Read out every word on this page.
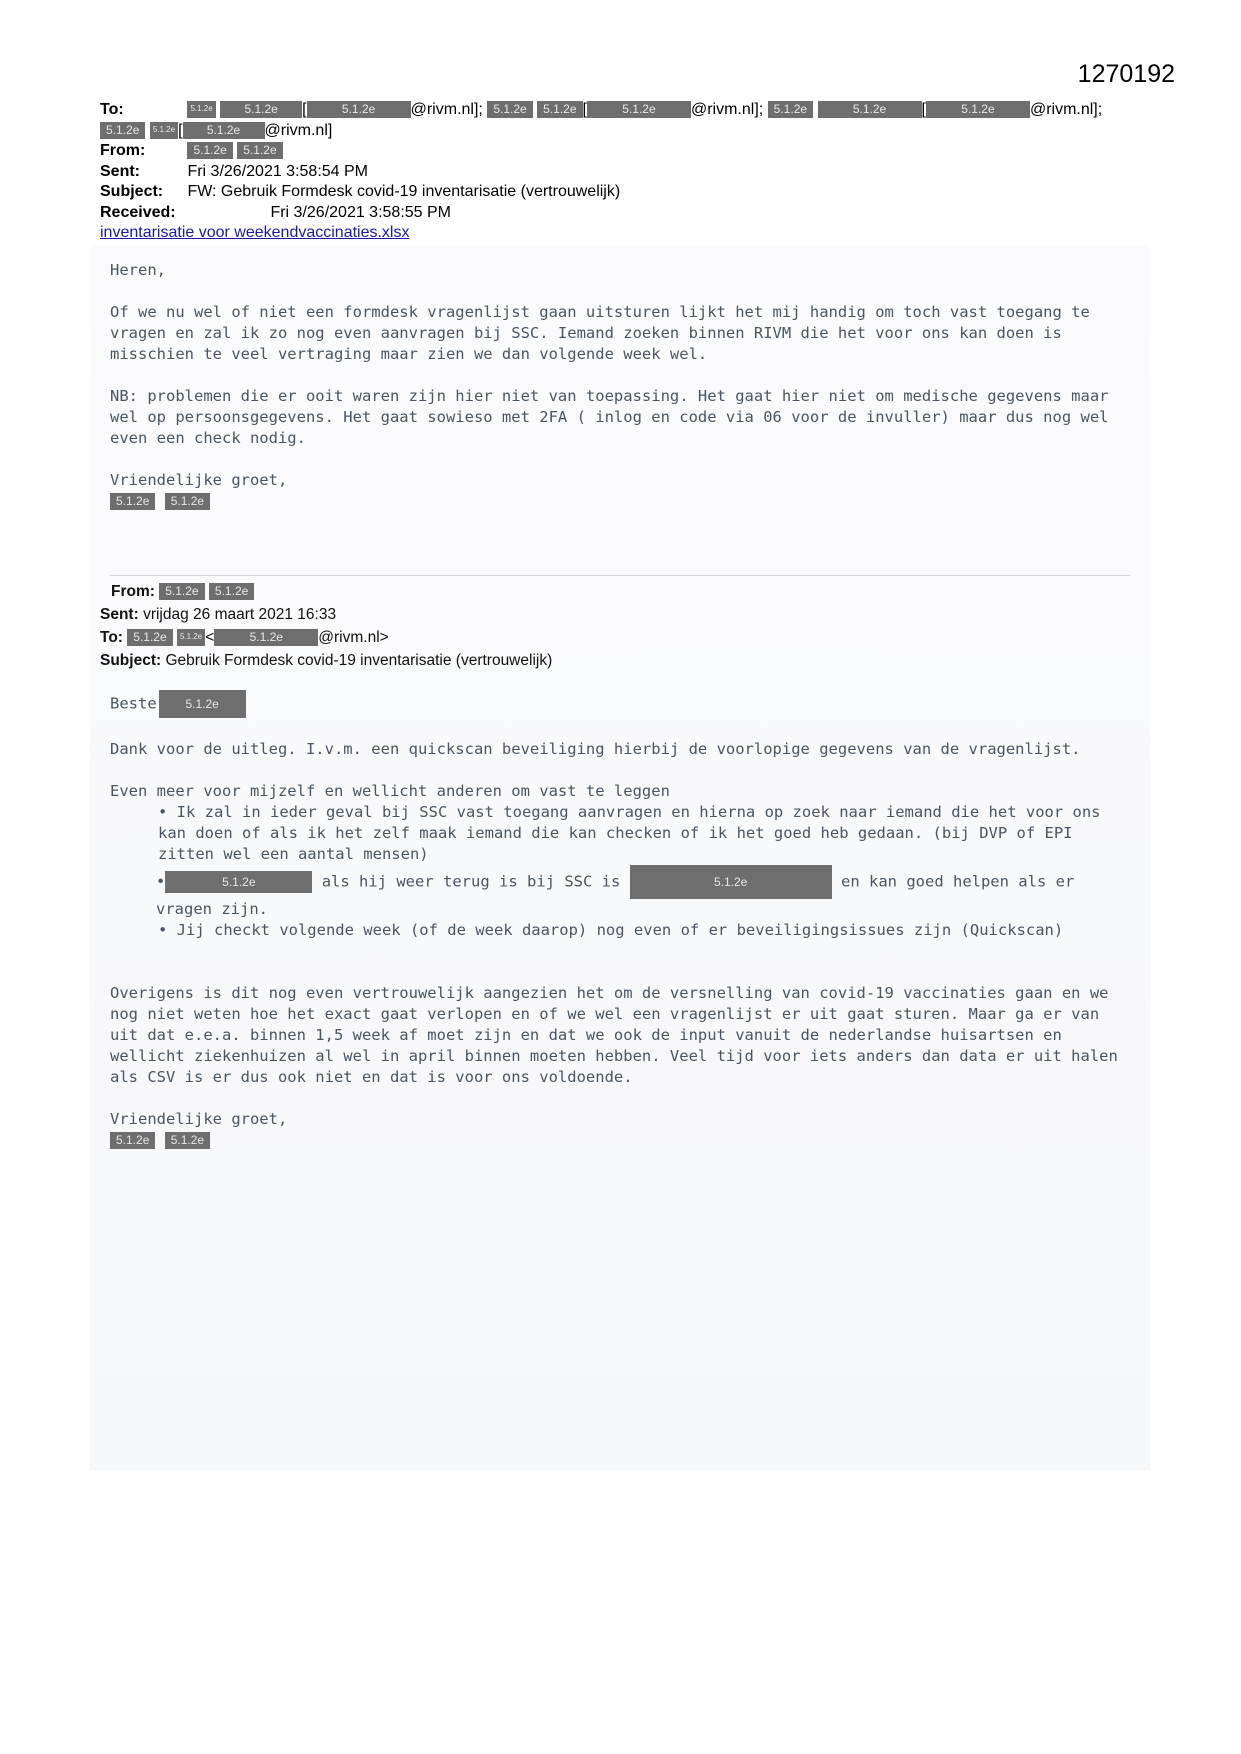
1270192
To:	5.1.2e	5.1.2e [	5.1.2e @rivm.nl]; 5.1.2e 5.1.2e [	5.1.2e @rivm.nl]; 5.1.2e	5.1.2e [	5.1.2e @rivm.nl];
5.1.2e 5.1.2e [ 5.1.2e @rivm.nl]
From:	5.1.2e 5.1.2e
Sent:	Fri 3/26/2021 3:58:54 PM
Subject: FW: Gebruik Formdesk covid-19 inventarisatie (vertrouwelijk)
Received:	Fri 3/26/2021 3:58:55 PM
inventarisatie voor weekendvaccinaties.xlsx

Heren,

Of we nu wel of niet een formdesk vragenlijst gaan uitsturen lijkt het mij handig om toch vast toegang te vragen en zal ik zo nog even aanvragen bij SSC. Iemand zoeken binnen RIVM die het voor ons kan doen is misschien te veel vertraging maar zien we dan volgende week wel.

NB: problemen die er ooit waren zijn hier niet van toepassing. Het gaat hier niet om medische gegevens maar wel op persoonsgegevens. Het gaat sowieso met 2FA ( inlog en code via 06 voor de invuller) maar dus nog wel even een check nodig.

Vriendelijke groet,
5.1.2e 5.1.2e
From: 5.1.2e 5.1.2e
Sent: vrijdag 26 maart 2021 16:33
To: 5.1.2e 5.1.2e <	5.1.2e @rivm.nl>
Subject: Gebruik Formdesk covid-19 inventarisatie (vertrouwelijk)

Beste 5.1.2e

Dank voor de uitleg. I.v.m. een quickscan beveiliging hierbij de voorlopige gegevens van de vragenlijst.

Even meer voor mijzelf en wellicht anderen om vast te leggen
• Ik zal in ieder geval bij SSC vast toegang aanvragen en hierna op zoek naar iemand die het voor ons kan doen of als ik het zelf maak iemand die kan checken of ik het goed heb gedaan. (bij DVP of EPI zitten wel een aantal mensen)
•	5.1.2e	als hij weer terug is bij SSC is	5.1.2e	en kan goed helpen als er vragen zijn.
• Jij checkt volgende week (of de week daarop) nog even of er beveiligingsissues zijn (Quickscan)

Overigens is dit nog even vertrouwelijk aangezien het om de versnelling van covid-19 vaccinaties gaan en we nog niet weten hoe het exact gaat verlopen en of we wel een vragenlijst er uit gaat sturen. Maar ga er van uit dat e.e.a. binnen 1,5 week af moet zijn en dat we ook de input vanuit de nederlandse huisartsen en wellicht ziekenhuizen al wel in april binnen moeten hebben. Veel tijd voor iets anders dan data er uit halen als CSV is er dus ook niet en dat is voor ons voldoende.

Vriendelijke groet,
5.1.2e 5.1.2e
